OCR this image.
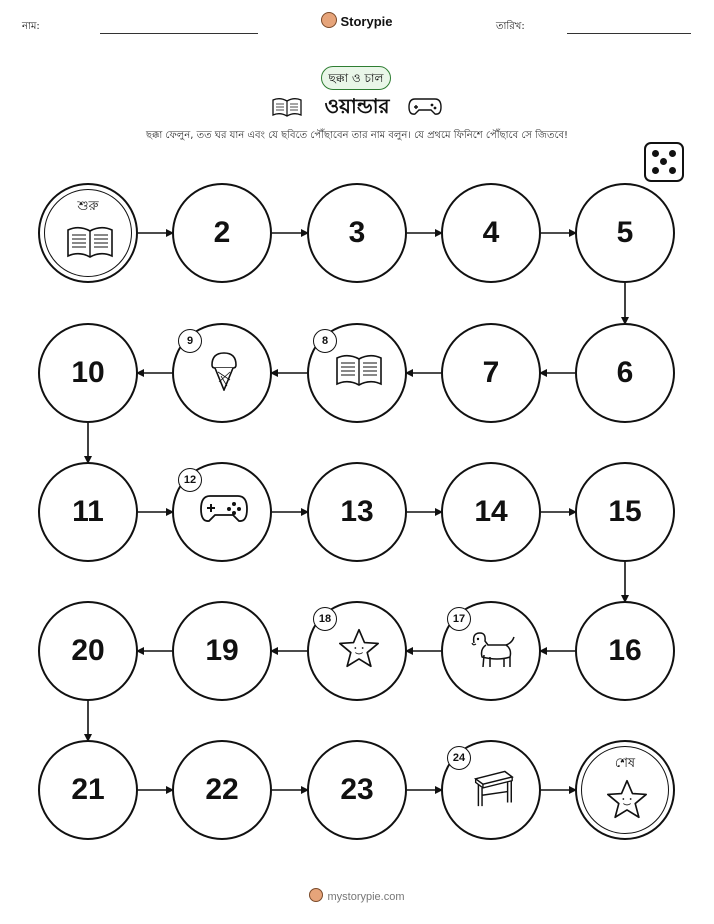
নাম:	Storypie	তারিখ:
ছক্কা ও চাল
ওয়ান্ডার
ছক্কা ফেলুন, তত ঘর যান এবং যে ছবিতে পৌঁছাবেন তার নাম বলুন। যে প্রথমে ফিনিশে পৌঁছাবে সে জিতবে!
শুরু
2	3	4	5
6
7
8
9
10
11
12
13	14	15
16
17
18
19
20
21	22	23
24	শেষ
mystorypie.com
